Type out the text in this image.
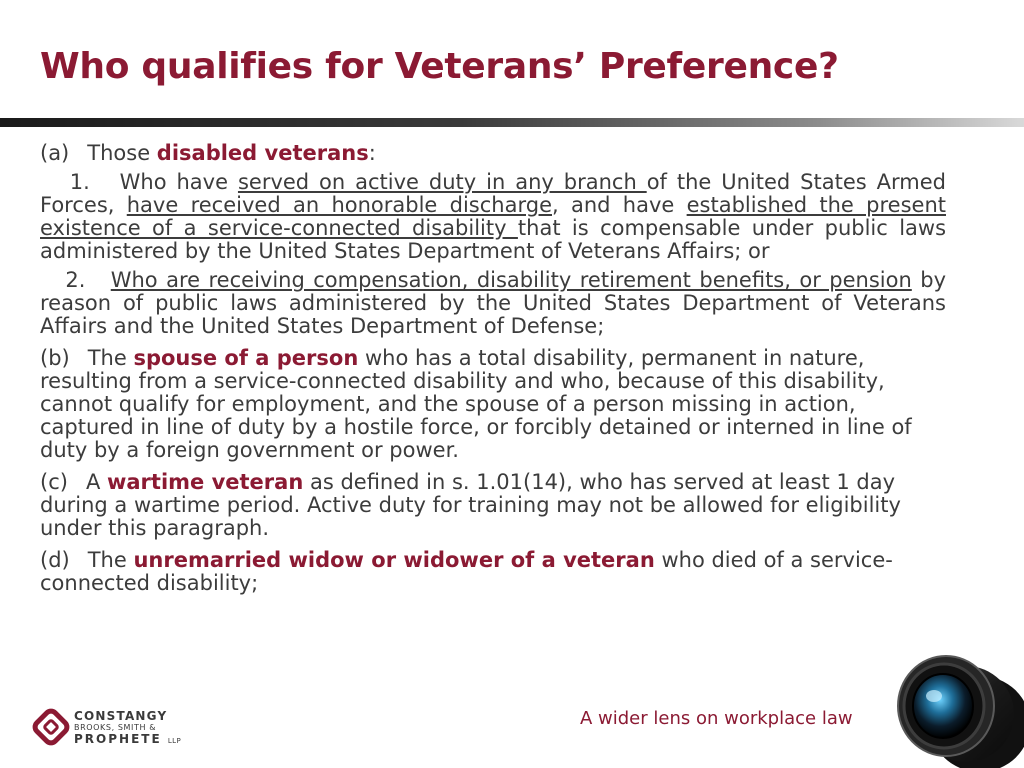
Who qualifies for Veterans’ Preference?

(a) Those disabled veterans:

1. Who have served on active duty in any branch of the United States Armed Forces, have received an honorable discharge, and have established the present existence of a service-connected disability that is compensable under public laws administered by the United States Department of Veterans Affairs; or

2. Who are receiving compensation, disability retirement benefits, or pension by reason of public laws administered by the United States Department of Veterans Affairs and the United States Department of Defense;

(b) The spouse of a person who has a total disability, permanent in nature, resulting from a service-connected disability and who, because of this disability, cannot qualify for employment, and the spouse of a person missing in action, captured in line of duty by a hostile force, or forcibly detained or interned in line of duty by a foreign government or power.

(c) A wartime veteran as defined in s. 1.01(14), who has served at least 1 day during a wartime period. Active duty for training may not be allowed for eligibility under this paragraph.

(d) The unremarried widow or widower of a veteran who died of a service-connected disability;

CONSTANGY
BROOKS, SMITH &
PROPHETE LLP
A wider lens on workplace law
